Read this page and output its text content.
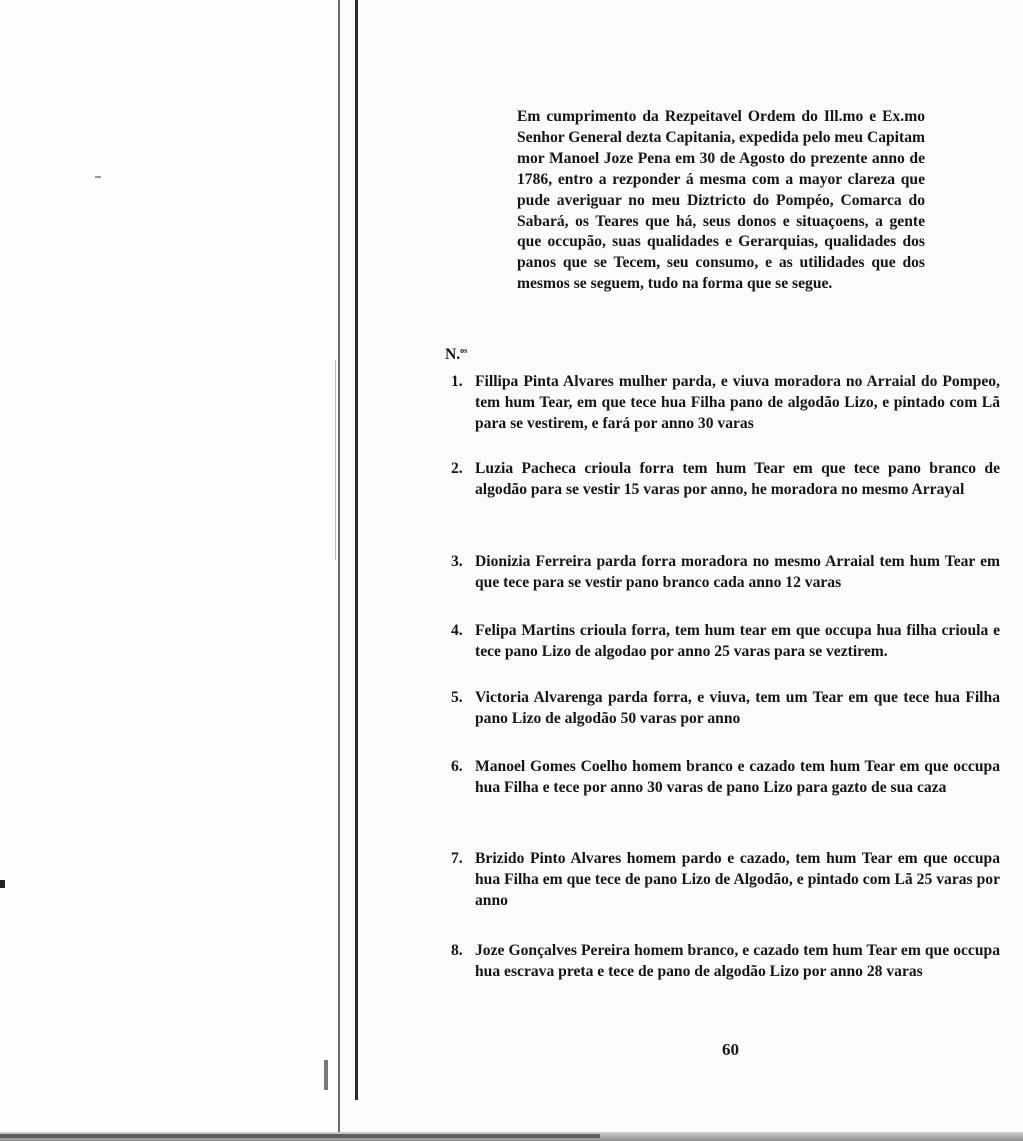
Em cumprimento da Rezpeitavel Ordem do Ill.mo e Ex.mo Senhor General dezta Capitania, expedida pelo meu Capitam mor Manoel Joze Pena em 30 de Agosto do prezente anno de 1786, entro a rezponder á mesma com a mayor clareza que pude averiguar no meu Diztricto do Pompéo, Comarca do Sabará, os Teares que há, seus donos e situaçoens, a gente que occupão, suas qualidades e Gerarquias, qualidades dos panos que se Tecem, seu consumo, e as utilidades que dos mesmos se seguem, tudo na forma que se segue.

N.$^{os}$

1. Fillipa Pinta Alvares mulher parda, e viuva moradora no Arraial do Pompeo, tem hum Tear, em que tece hua Filha pano de algodão Lizo, e pintado com Lã para se vestirem, e fará por anno 30 varas
2. Luzia Pacheca crioula forra tem hum Tear em que tece pano branco de algodão para se vestir 15 varas por anno, he moradora no mesmo Arrayal
3. Dionizia Ferreira parda forra moradora no mesmo Arraial tem hum Tear em que tece para se vestir pano branco cada anno 12 varas
4. Felipa Martins crioula forra, tem hum tear em que occupa hua filha crioula e tece pano Lizo de algodao por anno 25 varas para se veztirem.
5. Victoria Alvarenga parda forra, e viuva, tem um Tear em que tece hua Filha pano Lizo de algodão 50 varas por anno
6. Manoel Gomes Coelho homem branco e cazado tem hum Tear em que occupa hua Filha e tece por anno 30 varas de pano Lizo para gazto de sua caza
7. Brizido Pinto Alvares homem pardo e cazado, tem hum Tear em que occupa hua Filha em que tece de pano Lizo de Algodão, e pintado com Lã 25 varas por anno
8. Joze Gonçalves Pereira homem branco, e cazado tem hum Tear em que occupa hua escrava preta e tece de pano de algodão Lizo por anno 28 varas

60
